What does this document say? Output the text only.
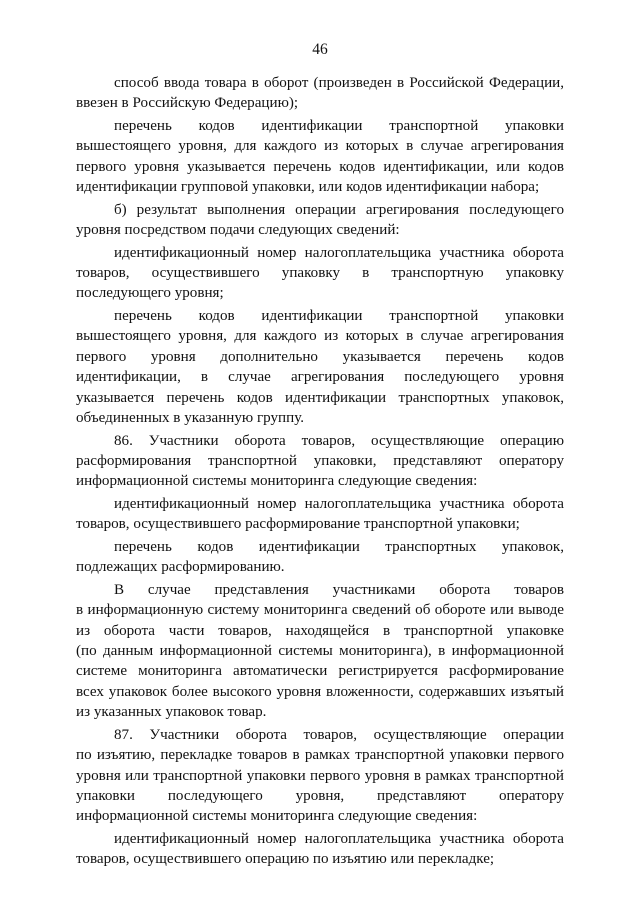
46
способ ввода товара в оборот (произведен в Российской Федерации,
ввезен в Российскую Федерацию);
перечень кодов идентификации транспортной упаковки
вышестоящего уровня, для каждого из которых в случае агрегирования
первого уровня указывается перечень кодов идентификации, или кодов
идентификации групповой упаковки, или кодов идентификации набора;
б) результат выполнения операции агрегирования последующего
уровня посредством подачи следующих сведений:
идентификационный номер налогоплательщика участника оборота
товаров, осуществившего упаковку в транспортную упаковку
последующего уровня;
перечень кодов идентификации транспортной упаковки
вышестоящего уровня, для каждого из которых в случае агрегирования
первого уровня дополнительно указывается перечень кодов
идентификации, в случае агрегирования последующего уровня
указывается перечень кодов идентификации транспортных упаковок,
объединенных в указанную группу.
86. Участники оборота товаров, осуществляющие операцию
расформирования транспортной упаковки, представляют оператору
информационной системы мониторинга следующие сведения:
идентификационный номер налогоплательщика участника оборота
товаров, осуществившего расформирование транспортной упаковки;
перечень кодов идентификации транспортных упаковок,
подлежащих расформированию.
В случае представления участниками оборота товаров
в информационную систему мониторинга сведений об обороте или выводе
из оборота части товаров, находящейся в транспортной упаковке
(по данным информационной системы мониторинга), в информационной
системе мониторинга автоматически регистрируется расформирование
всех упаковок более высокого уровня вложенности, содержавших изъятый
из указанных упаковок товар.
87. Участники оборота товаров, осуществляющие операции
по изъятию, перекладке товаров в рамках транспортной упаковки первого
уровня или транспортной упаковки первого уровня в рамках транспортной
упаковки последующего уровня, представляют оператору
информационной системы мониторинга следующие сведения:
идентификационный номер налогоплательщика участника оборота
товаров, осуществившего операцию по изъятию или перекладке;
